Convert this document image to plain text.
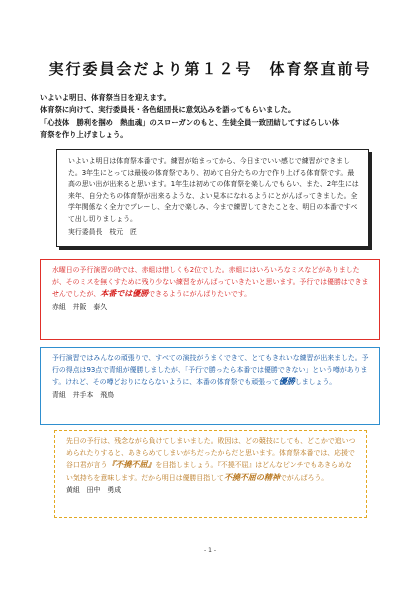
実行委員会だより第１２号　体育祭直前号

いよいよ明日、体育祭当日を迎えます。

体育祭に向けて、実行委員長・各色組団長に意気込みを語ってもらいました。

「心技体　勝利を掴め　熱血魂」のスローガンのもと、生徒全員一致団結してすばらしい体

育祭を作り上げましょう。

いよいよ明日は体育祭本番です。練習が始まってから、今日までいい感じで練習ができました。3年生にとっては最後の体育祭であり、初めて自分たちの力で作り上げる体育祭です。最高の思い出が出来ると思います。1年生は初めての体育祭を楽しんでもらい、また、2年生には来年、自分たちの体育祭が出来るような、よい見本になれるようにとがんばってきました。全学年関係なく全力でプレーし、全力で楽しみ、今まで練習してきたことを、明日の本番ですべて出し切りましょう。

実行委員長　枝元　匠

水曜日の予行演習の時では、赤組は惜しくも2位でした。赤組にはいろいろなミスなどがありましたが、そのミスを無くすために残り少ない練習をがんばっていきたいと思います。予行では優勝はできませんでしたが、本番では優勝できるようにがんばりたいです。

赤組　井阪　泰久

予行演習ではみんなの頑張りで、すべての演技がうまくできて、とてもきれいな練習が出来ました。予行の得点は93点で青組が優勝しましたが、「予行で勝ったら本番では優勝できない」という噂があります。けれど、その噂どおりにならないように、本番の体育祭でも頑張って優勝しましょう。

青組　井手本　飛鳥

先日の予行は、残念ながら負けてしまいました。敗因は、どの競技にしても、どこかで追いつめられたりすると、あきらめてしまいがちだったからだと思います。体育祭本番では、応援で谷口君が言う『不撓不屈』を目指しましょう。『不撓不屈』はどんなピンチでもあきらめない気持ちを意味します。だから明日は優勝目指して不撓不屈の精神でがんばろう。

黄組　田中　勇成

- 1 -
